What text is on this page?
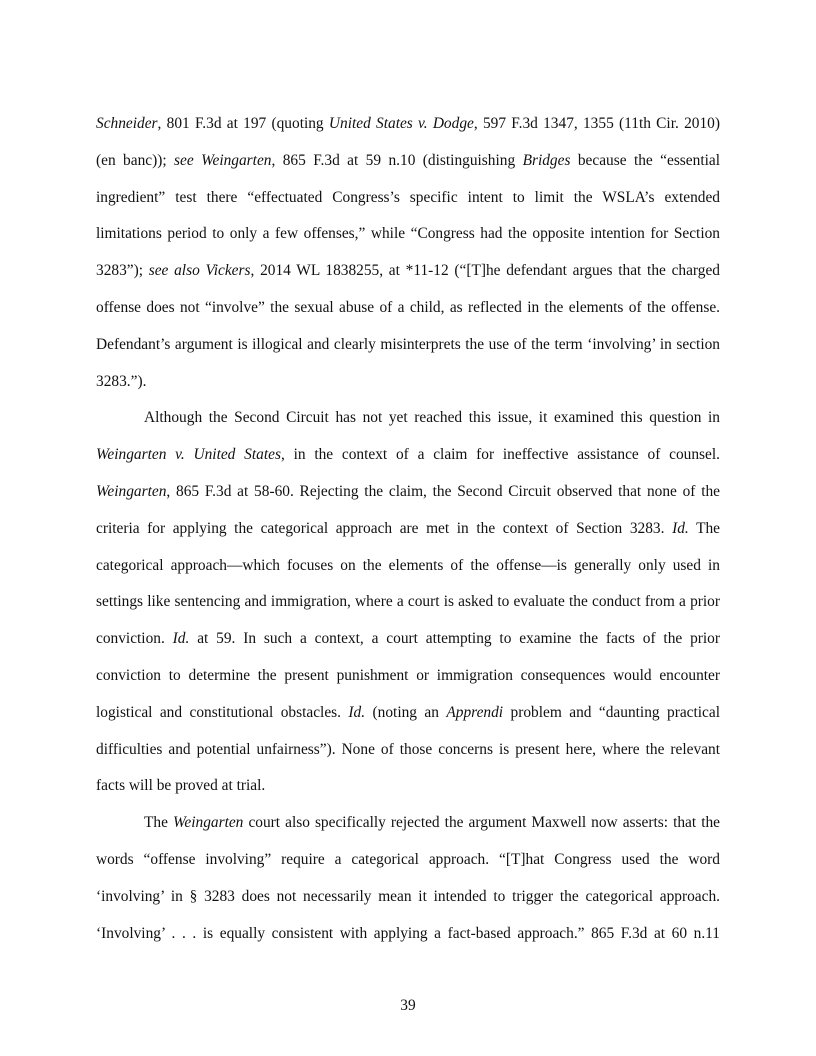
Schneider, 801 F.3d at 197 (quoting United States v. Dodge, 597 F.3d 1347, 1355 (11th Cir. 2010) (en banc)); see Weingarten, 865 F.3d at 59 n.10 (distinguishing Bridges because the “essential ingredient” test there “effectuated Congress’s specific intent to limit the WSLA’s extended limitations period to only a few offenses,” while “Congress had the opposite intention for Section 3283”); see also Vickers, 2014 WL 1838255, at *11-12 (“[T]he defendant argues that the charged offense does not “involve” the sexual abuse of a child, as reflected in the elements of the offense. Defendant’s argument is illogical and clearly misinterprets the use of the term ‘involving’ in section 3283.”).

Although the Second Circuit has not yet reached this issue, it examined this question in Weingarten v. United States, in the context of a claim for ineffective assistance of counsel. Weingarten, 865 F.3d at 58-60. Rejecting the claim, the Second Circuit observed that none of the criteria for applying the categorical approach are met in the context of Section 3283. Id. The categorical approach—which focuses on the elements of the offense—is generally only used in settings like sentencing and immigration, where a court is asked to evaluate the conduct from a prior conviction. Id. at 59. In such a context, a court attempting to examine the facts of the prior conviction to determine the present punishment or immigration consequences would encounter logistical and constitutional obstacles. Id. (noting an Apprendi problem and “daunting practical difficulties and potential unfairness”). None of those concerns is present here, where the relevant facts will be proved at trial.

The Weingarten court also specifically rejected the argument Maxwell now asserts: that the words “offense involving” require a categorical approach. “[T]hat Congress used the word ‘involving’ in § 3283 does not necessarily mean it intended to trigger the categorical approach. ‘Involving’ . . . is equally consistent with applying a fact-based approach.” 865 F.3d at 60 n.11

39
